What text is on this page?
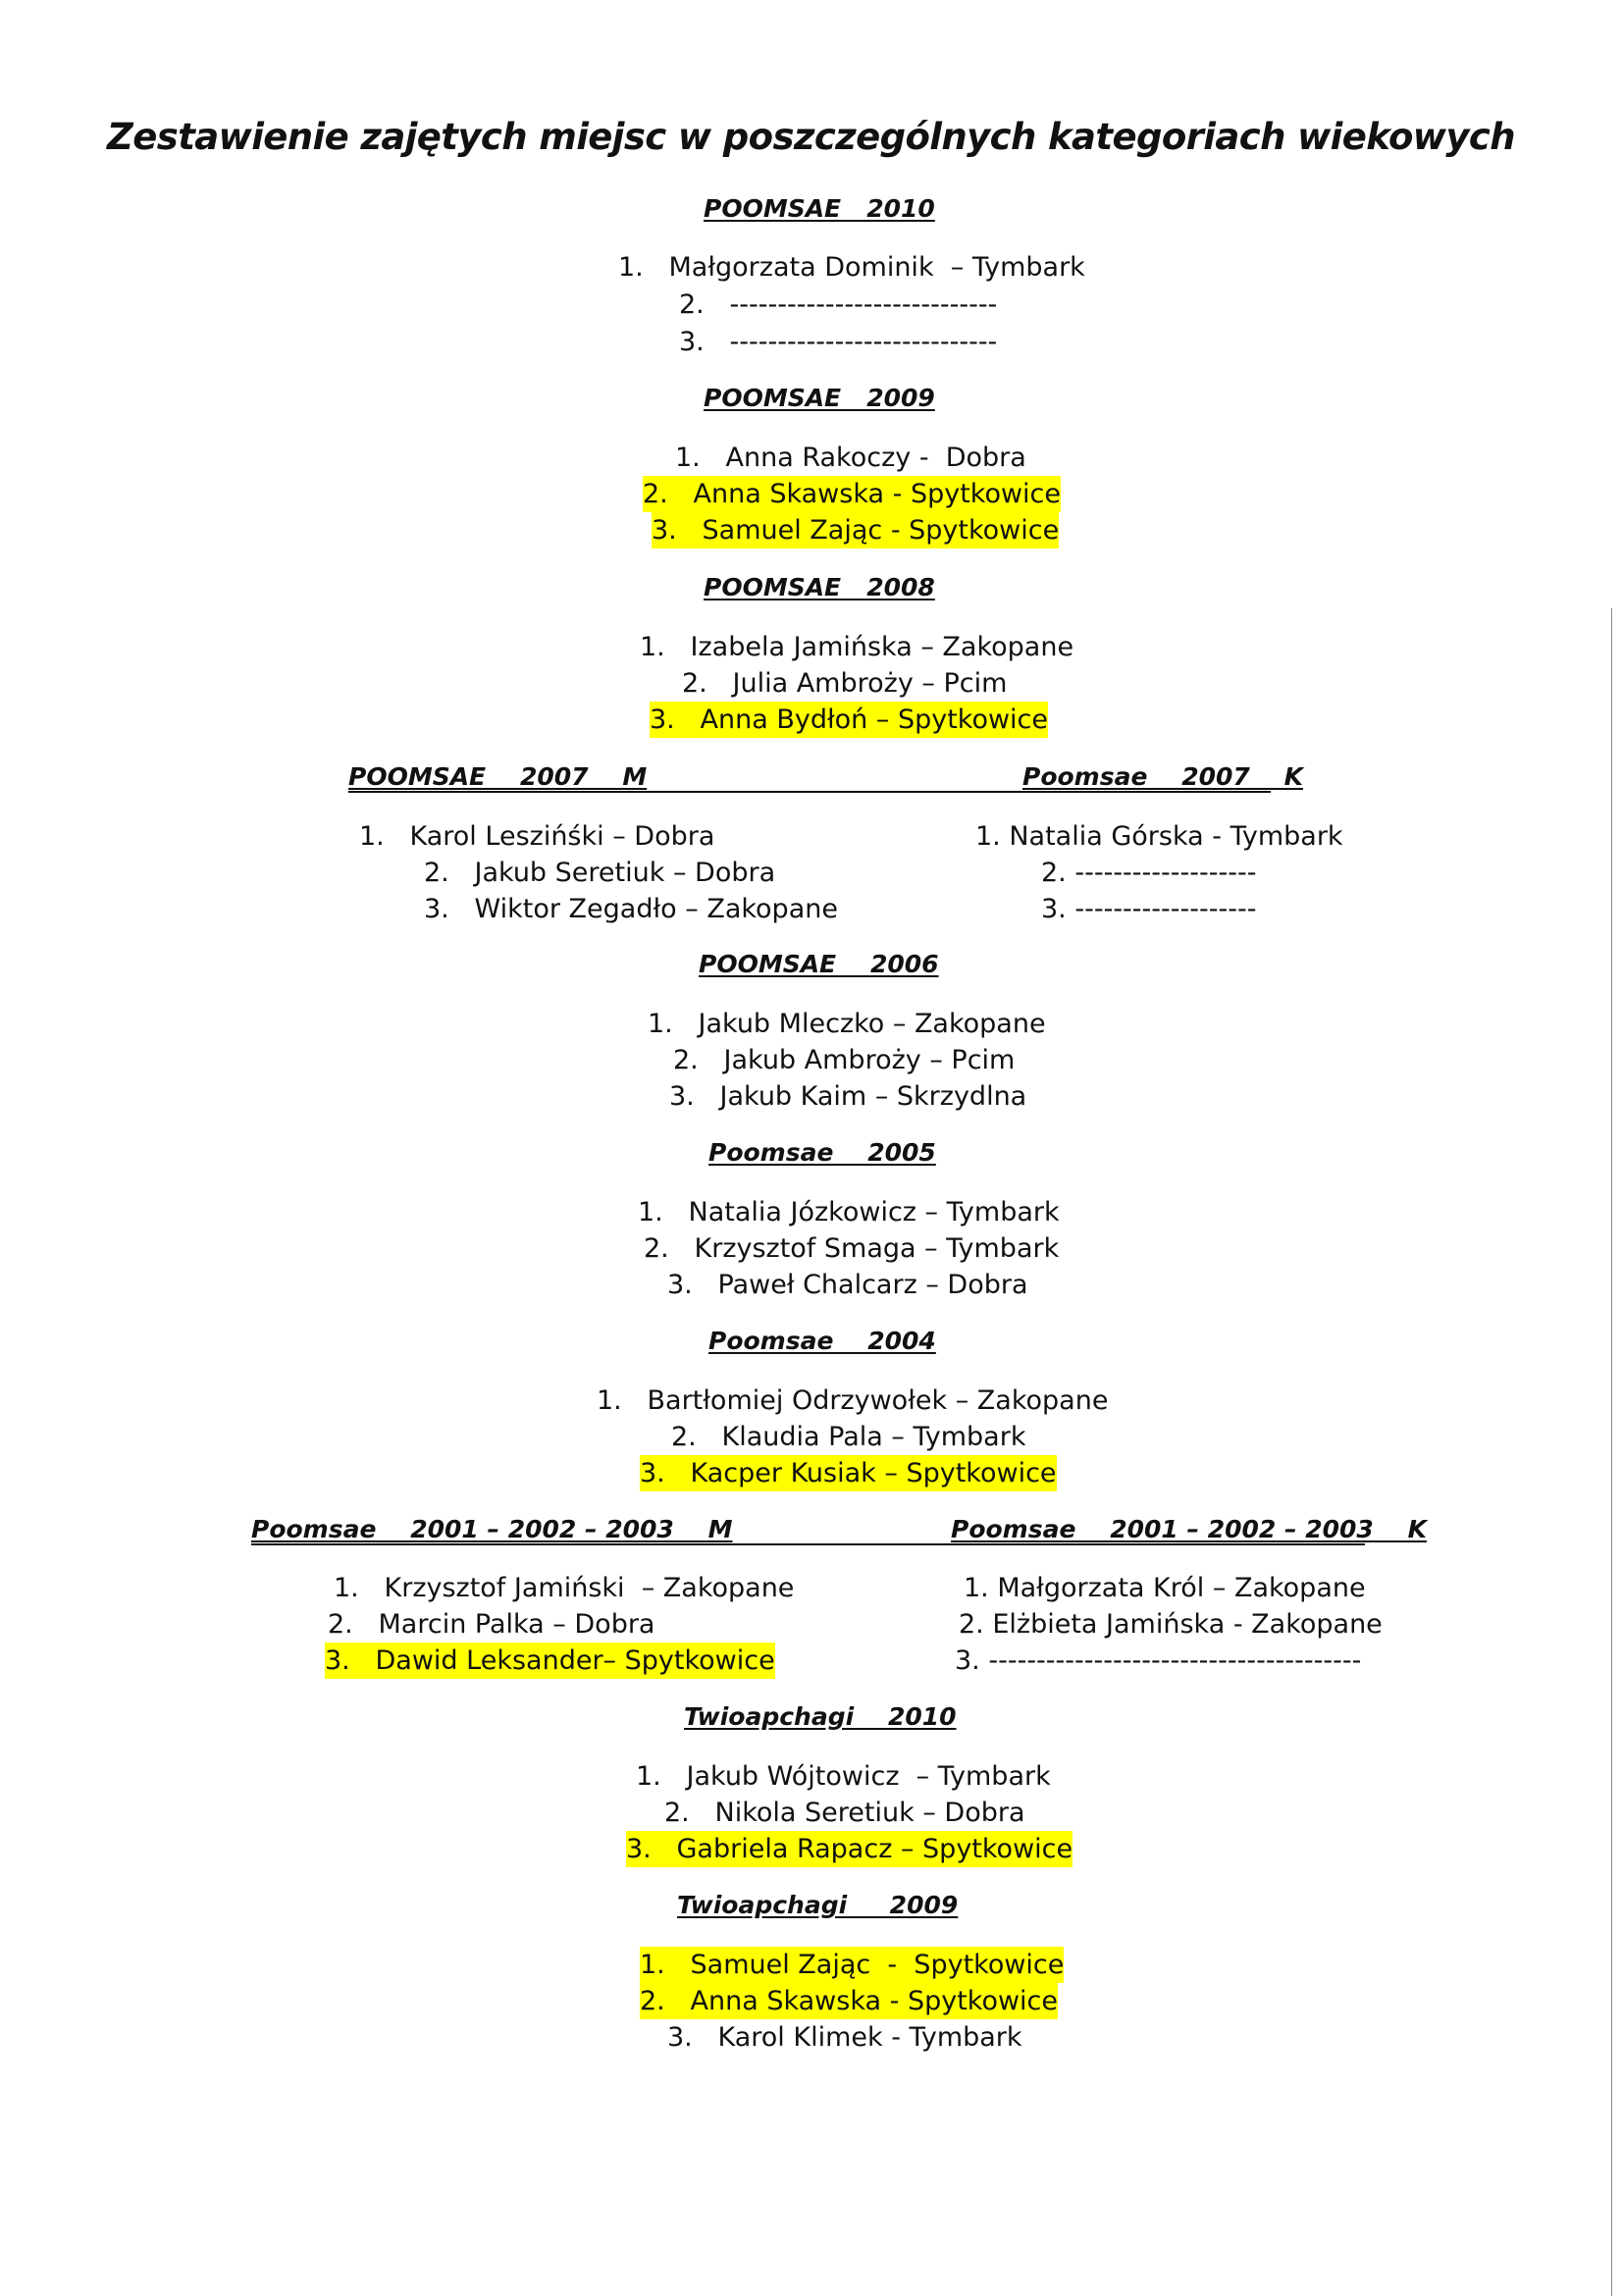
Zestawienie zajętych miejsc w poszczególnych kategoriach wiekowych
POOMSAE   2010
1.   Małgorzata Dominik  – Tymbark
2.   ----------------------------
3.   ----------------------------
POOMSAE   2009
1.   Anna Rakoczy -  Dobra
2.   Anna Skawska - Spytkowice
3.   Samuel Zając - Spytkowice
POOMSAE   2008
1.   Izabela Jamińska – Zakopane
2.   Julia Ambroży – Pcim
3.   Anna Bydłoń – Spytkowice
POOMSAE    2007    M	Poomsae    2007    K
1.   Karol Leszińśki – Dobra
2.   Jakub Seretiuk – Dobra
3.   Wiktor Zegadło – Zakopane
1. Natalia Górska - Tymbark
2. -------------------
3. -------------------
POOMSAE    2006
1.   Jakub Mleczko – Zakopane
2.   Jakub Ambroży – Pcim
3.   Jakub Kaim – Skrzydlna
Poomsae    2005
1.   Natalia Józkowicz – Tymbark
2.   Krzysztof Smaga – Tymbark
3.   Paweł Chalcarz – Dobra
Poomsae    2004
1.   Bartłomiej Odrzywołek – Zakopane
2.   Klaudia Pala – Tymbark
3.   Kacper Kusiak – Spytkowice
Poomsae    2001 – 2002 – 2003    M	Poomsae    2001 – 2002 – 2003    K
1.   Krzysztof Jamiński  – Zakopane
2.   Marcin Palka – Dobra
3.   Dawid Leksander– Spytkowice
1. Małgorzata Król – Zakopane
2. Elżbieta Jamińska - Zakopane
3. ---------------------------------------
Twioapchagi    2010
1.   Jakub Wójtowicz  – Tymbark
2.   Nikola Seretiuk – Dobra
3.   Gabriela Rapacz – Spytkowice
Twioapchagi     2009
1.   Samuel Zając  -  Spytkowice
2.   Anna Skawska - Spytkowice
3.   Karol Klimek - Tymbark
